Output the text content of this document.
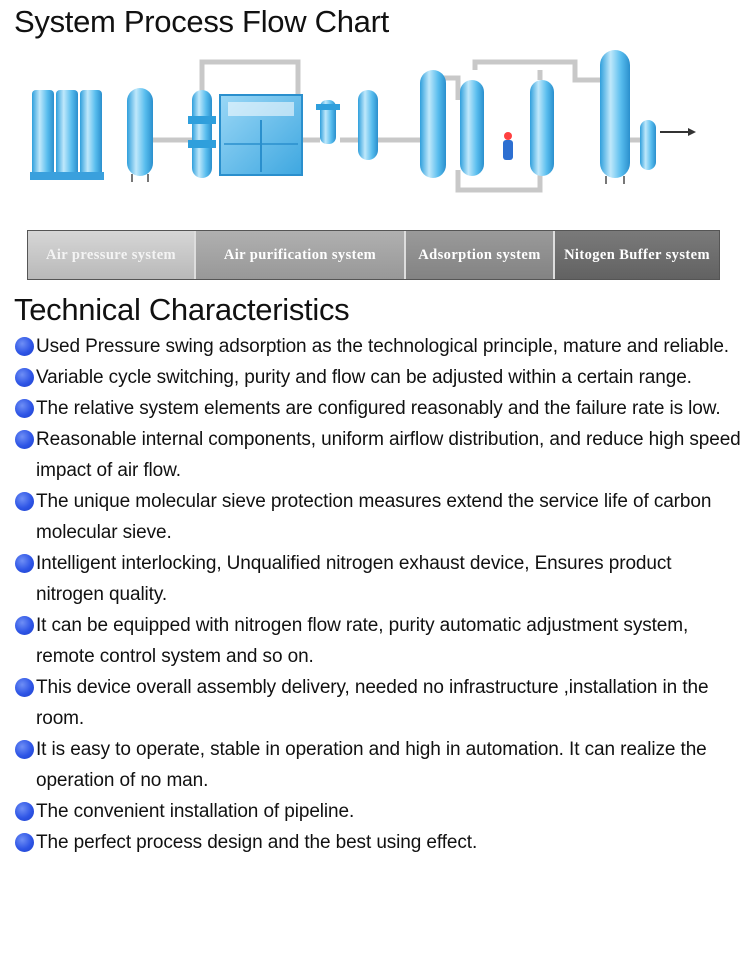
System Process Flow Chart
Air pressure system	Air purification system	Adsorption system	Nitogen Buffer system
Technical Characteristics
Used Pressure swing adsorption as the technological principle, mature and reliable.
Variable cycle switching, purity and flow can be adjusted within a certain range.
The relative system elements are configured reasonably and the failure rate is low.
Reasonable internal components, uniform airflow distribution, and reduce high speed impact of air flow.
The unique molecular sieve protection measures extend the service life of carbon molecular sieve.
Intelligent interlocking, Unqualified nitrogen exhaust device, Ensures product nitrogen quality.
It can be equipped with nitrogen flow rate, purity automatic adjustment system, remote control system and so on.
This device overall assembly delivery, needed no infrastructure ,installation in the room.
It is easy to operate, stable in operation and high in automation. It can realize the operation of no man.
The convenient installation of pipeline.
The perfect process design and the best using effect.
